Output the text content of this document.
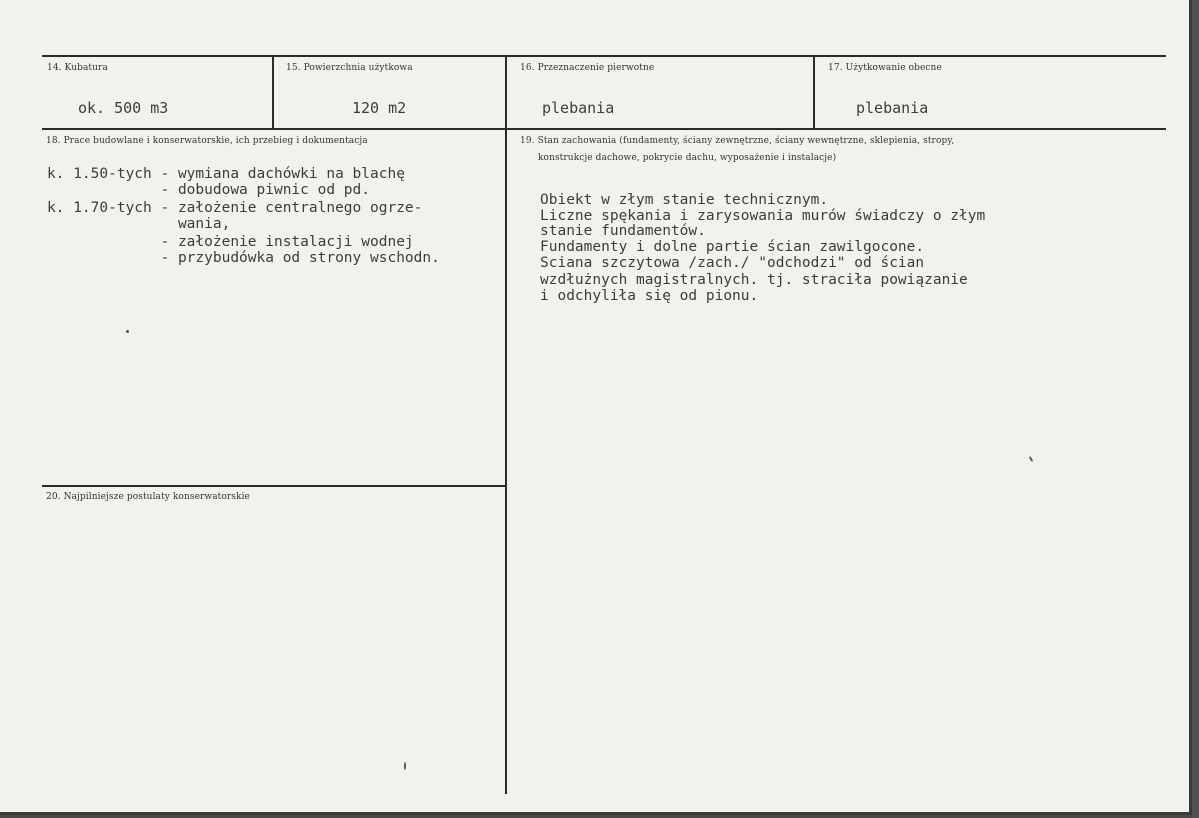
14. Kubatura
ok. 500 m3
15. Powierzchnia użytkowa
120 m2
16. Przeznaczenie pierwotne
plebania
17. Użytkowanie obecne
plebania
18. Prace budowlane i konserwatorskie, ich przebieg i dokumentacja
k. 1.50-tych - wymiana dachówki na blachę
- dobudowa piwnic od pd.
k. 1.70-tych - założenie centralnego ogrze-
wania,
- założenie instalacji wodnej
- przybudówka od strony wschodn.
19. Stan zachowania (fundamenty, ściany zewnętrzne, ściany wewnętrzne, sklepienia, stropy,
konstrukcje dachowe, pokrycie dachu, wyposażenie i instalacje)
Obiekt w złym stanie technicznym.
Liczne spękania i zarysowania murów świadczy o złym
stanie fundamentów.
Fundamenty i dolne partie ścian zawilgocone.
Sciana szczytowa /zach./ "odchodzi" od ścian
wzdłużnych magistralnych. tj. straciła powiązanie
i odchyliła się od pionu.
20. Najpilniejsze postulaty konserwatorskie
